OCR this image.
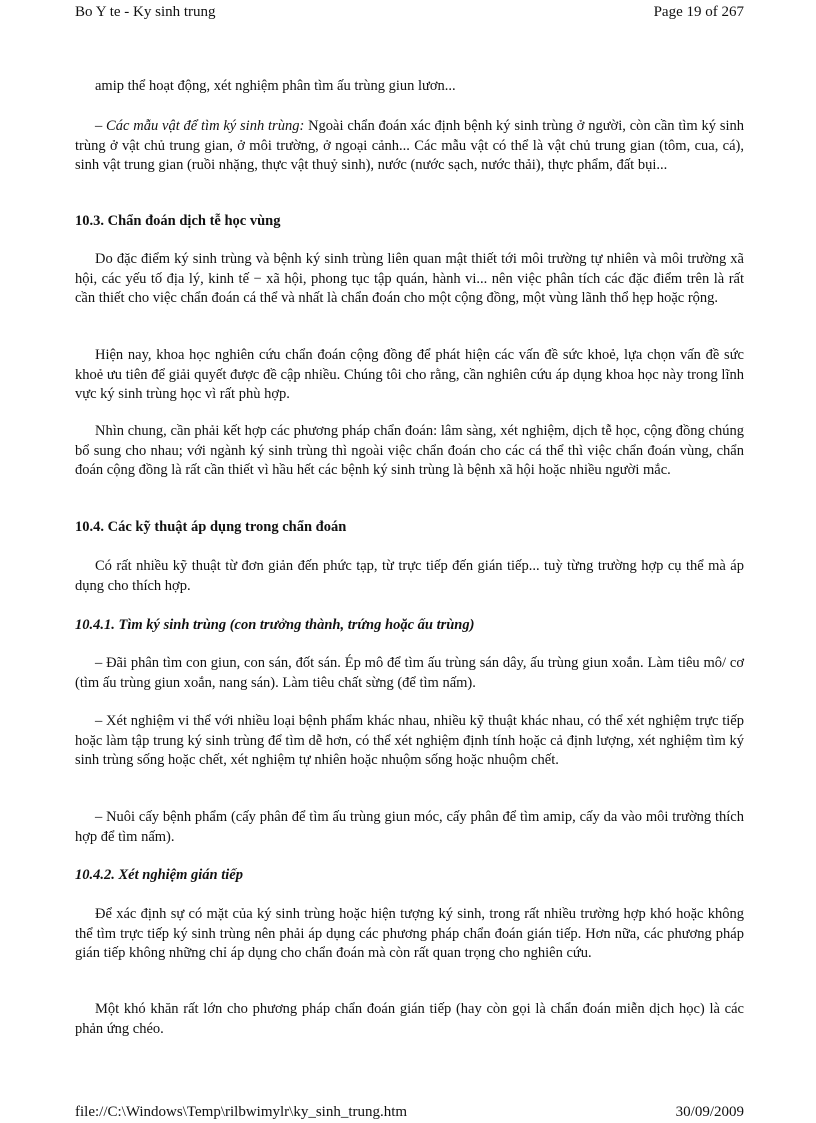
Bo Y te - Ky sinh trung	Page 19 of 267

amip thể hoạt động, xét nghiệm phân tìm ấu trùng giun lươn...

– Các mẫu vật để tìm ký sinh trùng: Ngoài chẩn đoán xác định bệnh ký sinh trùng ở người, còn cần tìm ký sinh trùng ở vật chủ trung gian, ở môi trường, ở ngoại cảnh... Các mẫu vật có thể là vật chủ trung gian (tôm, cua, cá), sinh vật trung gian (ruồi nhặng, thực vật thuỷ sinh), nước (nước sạch, nước thải), thực phẩm, đất bụi...

10.3. Chẩn đoán dịch tễ học vùng

Do đặc điểm ký sinh trùng và bệnh ký sinh trùng liên quan mật thiết tới môi trường tự nhiên và môi trường xã hội, các yếu tố địa lý, kinh tế − xã hội, phong tục tập quán, hành vi... nên việc phân tích các đặc điểm trên là rất cần thiết cho việc chẩn đoán cá thể và nhất là chẩn đoán cho một cộng đồng, một vùng lãnh thổ hẹp hoặc rộng.

Hiện nay, khoa học nghiên cứu chẩn đoán cộng đồng để phát hiện các vấn đề sức khoẻ, lựa chọn vấn đề sức khoẻ ưu tiên để giải quyết được đề cập nhiều. Chúng tôi cho rằng, cần nghiên cứu áp dụng khoa học này trong lĩnh vực ký sinh trùng học vì rất phù hợp.

Nhìn chung, cần phải kết hợp các phương pháp chẩn đoán: lâm sàng, xét nghiệm, dịch tễ học, cộng đồng chúng bổ sung cho nhau; với ngành ký sinh trùng thì ngoài việc chẩn đoán cho các cá thể thì việc chẩn đoán vùng, chẩn đoán cộng đồng là rất cần thiết vì hầu hết các bệnh ký sinh trùng là bệnh xã hội hoặc nhiều người mắc.

10.4. Các kỹ thuật áp dụng trong chẩn đoán

Có rất nhiều kỹ thuật từ đơn giản đến phức tạp, từ trực tiếp đến gián tiếp... tuỳ từng trường hợp cụ thể mà áp dụng cho thích hợp.

10.4.1. Tìm ký sinh trùng (con trưởng thành, trứng hoặc ấu trùng)

– Đãi phân tìm con giun, con sán, đốt sán. Ép mô để tìm ấu trùng sán dây, ấu trùng giun xoắn. Làm tiêu mô/ cơ (tìm ấu trùng giun xoắn, nang sán). Làm tiêu chất sừng (để tìm nấm).

– Xét nghiệm vi thể với nhiều loại bệnh phẩm khác nhau, nhiều kỹ thuật khác nhau, có thể xét nghiệm trực tiếp hoặc làm tập trung ký sinh trùng để tìm dễ hơn, có thể xét nghiệm định tính hoặc cả định lượng, xét nghiệm tìm ký sinh trùng sống hoặc chết, xét nghiệm tự nhiên hoặc nhuộm sống hoặc nhuộm chết.

– Nuôi cấy bệnh phẩm (cấy phân để tìm ấu trùng giun móc, cấy phân để tìm amip, cấy da vào môi trường thích hợp để tìm nấm).

10.4.2. Xét nghiệm gián tiếp

Để xác định sự có mặt của ký sinh trùng hoặc hiện tượng ký sinh, trong rất nhiều trường hợp khó hoặc không thể tìm trực tiếp ký sinh trùng nên phải áp dụng các phương pháp chẩn đoán gián tiếp. Hơn nữa, các phương pháp gián tiếp không những chỉ áp dụng cho chẩn đoán mà còn rất quan trọng cho nghiên cứu.

Một khó khăn rất lớn cho phương pháp chẩn đoán gián tiếp (hay còn gọi là chẩn đoán miễn dịch học) là các phản ứng chéo.

file://C:\Windows\Temp\rilbwimylr\ky_sinh_trung.htm	30/09/2009
